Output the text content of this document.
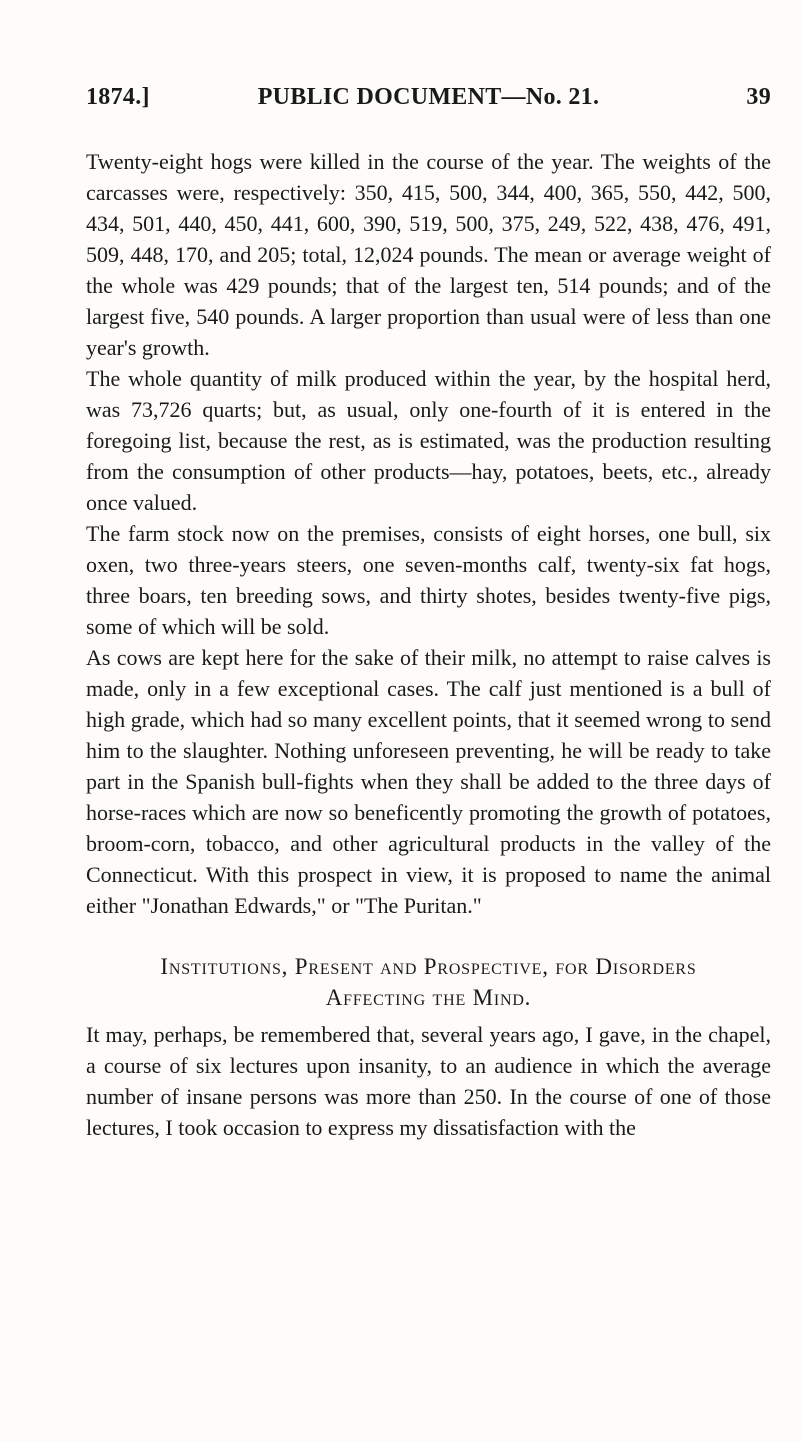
1874.]	PUBLIC DOCUMENT—No. 21.	39

Twenty-eight hogs were killed in the course of the year. The weights of the carcasses were, respectively: 350, 415, 500, 344, 400, 365, 550, 442, 500, 434, 501, 440, 450, 441, 600, 390, 519, 500, 375, 249, 522, 438, 476, 491, 509, 448, 170, and 205; total, 12,024 pounds. The mean or average weight of the whole was 429 pounds; that of the largest ten, 514 pounds; and of the largest five, 540 pounds. A larger proportion than usual were of less than one year's growth.

The whole quantity of milk produced within the year, by the hospital herd, was 73,726 quarts; but, as usual, only one-fourth of it is entered in the foregoing list, because the rest, as is estimated, was the production resulting from the consumption of other products—hay, potatoes, beets, etc., already once valued.

The farm stock now on the premises, consists of eight horses, one bull, six oxen, two three-years steers, one seven-months calf, twenty-six fat hogs, three boars, ten breeding sows, and thirty shotes, besides twenty-five pigs, some of which will be sold.

As cows are kept here for the sake of their milk, no attempt to raise calves is made, only in a few exceptional cases. The calf just mentioned is a bull of high grade, which had so many excellent points, that it seemed wrong to send him to the slaughter. Nothing unforeseen preventing, he will be ready to take part in the Spanish bull-fights when they shall be added to the three days of horse-races which are now so beneficently promoting the growth of potatoes, broom-corn, tobacco, and other agricultural products in the valley of the Connecticut. With this prospect in view, it is proposed to name the animal either "Jonathan Edwards," or "The Puritan."

Institutions, Present and Prospective, for Disorders
Affecting the Mind.

It may, perhaps, be remembered that, several years ago, I gave, in the chapel, a course of six lectures upon insanity, to an audience in which the average number of insane persons was more than 250. In the course of one of those lectures, I took occasion to express my dissatisfaction with the
